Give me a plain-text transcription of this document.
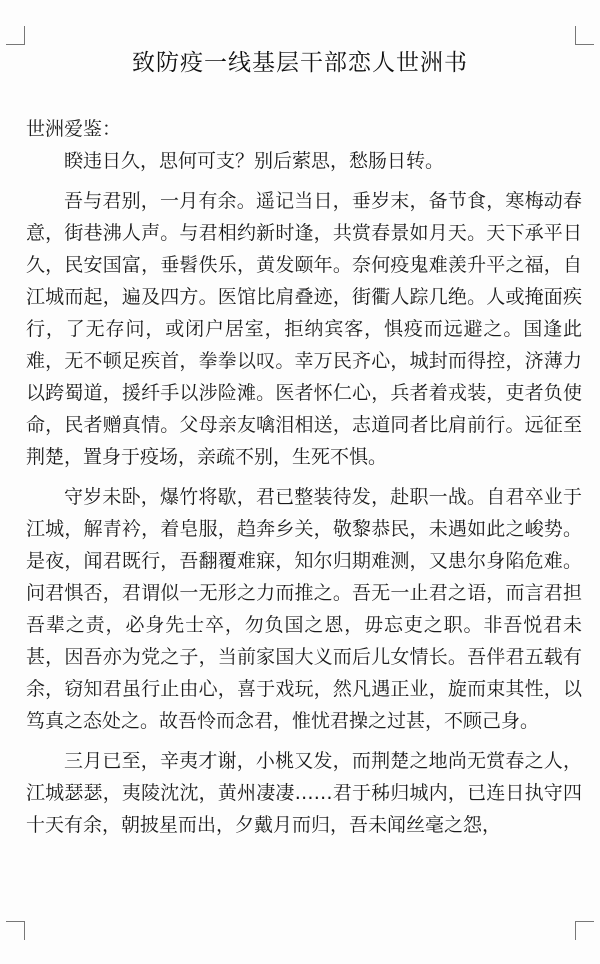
致防疫一线基层干部恋人世洲书
世洲爱鉴：

睽违日久，思何可支？别后萦思，愁肠日转。

吾与君别，一月有余。遥记当日，垂岁末，备节食，寒梅动春意，街巷沸人声。与君相约新时逢，共赏春景如月天。天下承平日久，民安国富，垂髫佚乐，黄发颐年。奈何疫鬼难羡升平之福，自江城而起，遍及四方。医馆比肩叠迹，街衢人踪几绝。人或掩面疾行，了无存问，或闭户居室，拒纳宾客，惧疫而远避之。国逢此难，无不顿足疾首，拳拳以叹。幸万民齐心，城封而得控，济薄力以跨蜀道，援纤手以涉险滩。医者怀仁心，兵者着戎装，吏者负使命，民者赠真情。父母亲友噙泪相送，志道同者比肩前行。远征至荆楚，置身于疫场，亲疏不别，生死不惧。

守岁未卧，爆竹将歇，君已整装待发，赴职一战。自君卒业于江城，解青衿，着皂服，趋奔乡关，敬黎恭民，未遇如此之峻势。是夜，闻君既行，吾翻覆难寐，知尔归期难测，又患尔身陷危难。问君惧否，君谓似一无形之力而推之。吾无一止君之语，而言君担吾辈之责，必身先士卒，勿负国之恩，毋忘吏之职。非吾悦君未甚，因吾亦为党之子，当前家国大义而后儿女情长。吾伴君五载有余，窃知君虽行止由心，喜于戏玩，然凡遇正业，旋而束其性，以笃真之态处之。故吾怜而念君，惟忧君操之过甚，不顾己身。

三月已至，辛夷才谢，小桃又发，而荆楚之地尚无赏春之人，江城瑟瑟，夷陵沈沈，黄州凄凄……君于秭归城内，已连日执守四十天有余，朝披星而出，夕戴月而归，吾未闻丝毫之怨，
